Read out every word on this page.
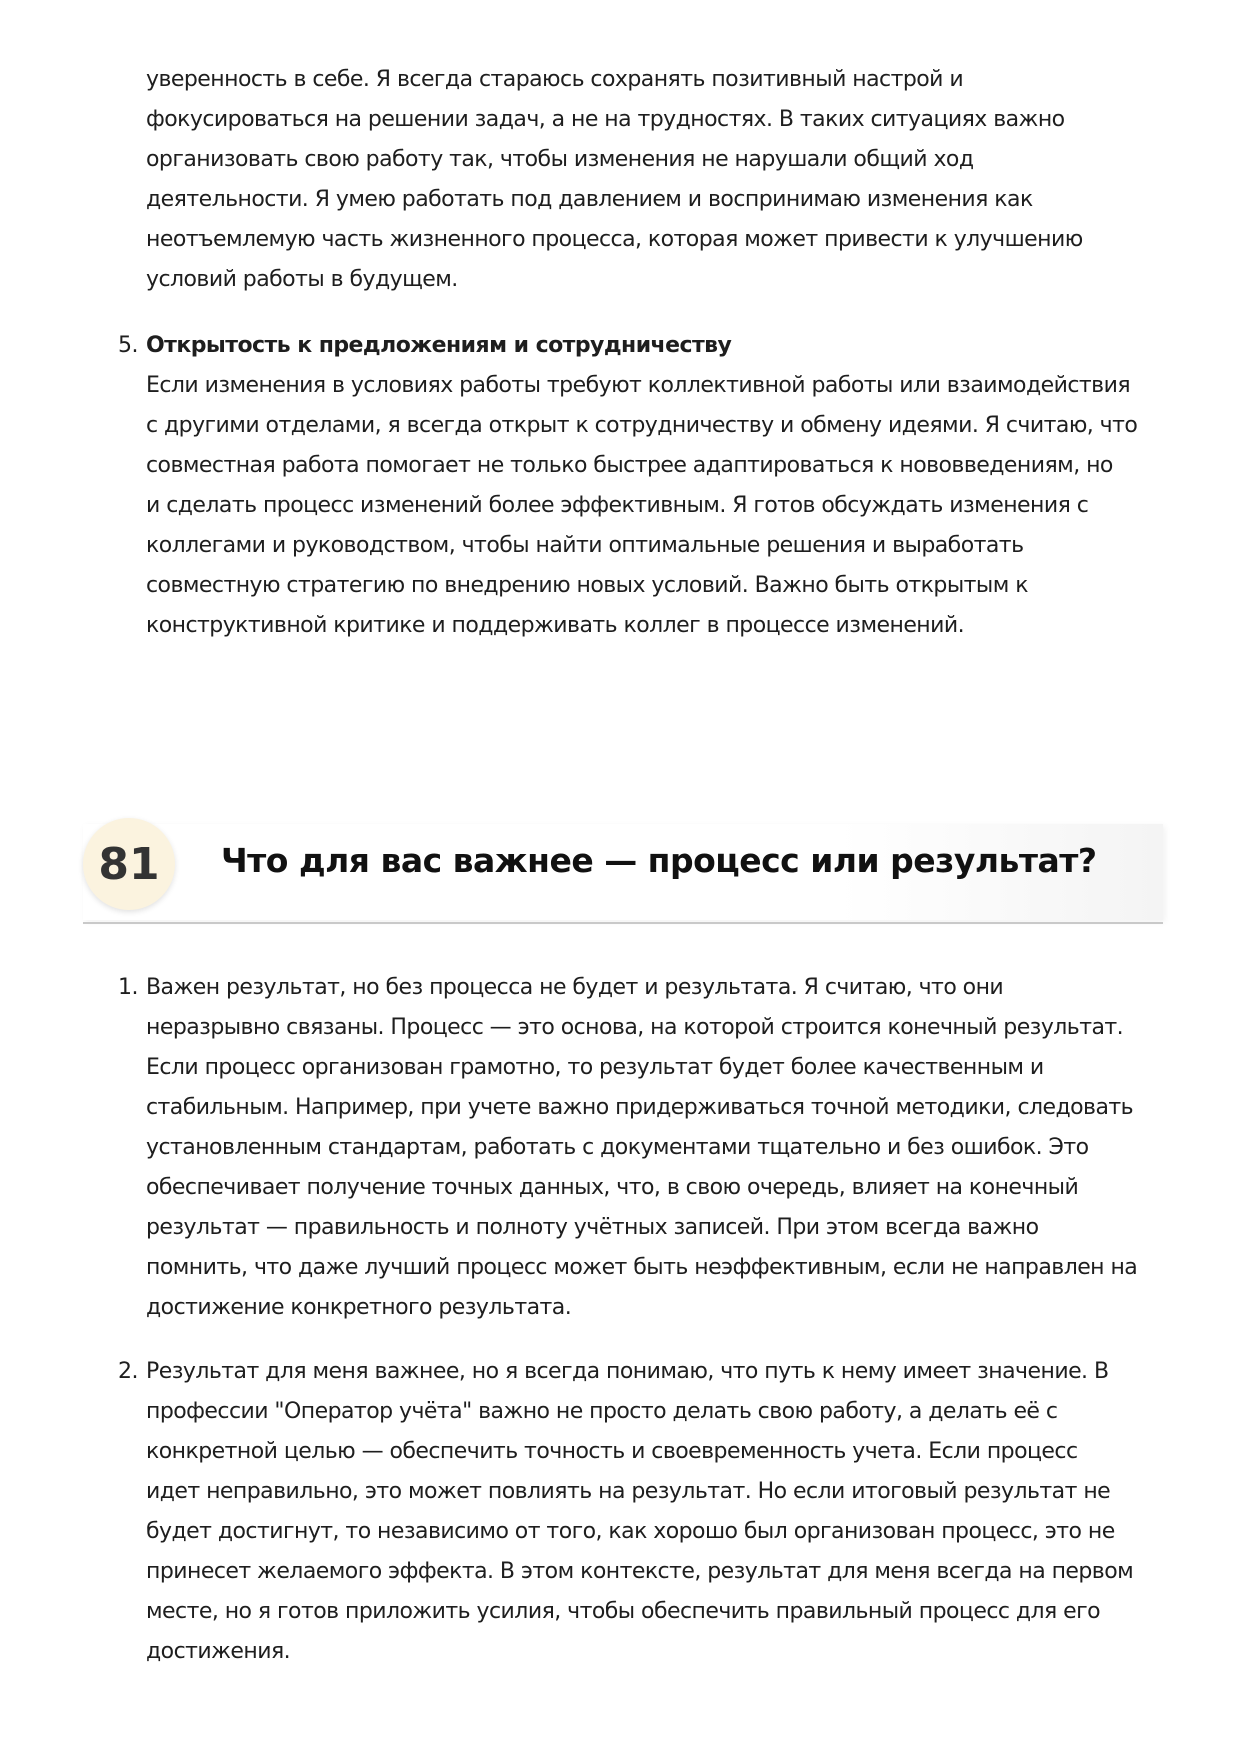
уверенность в себе. Я всегда стараюсь сохранять позитивный настрой и
фокусироваться на решении задач, а не на трудностях. В таких ситуациях важно
организовать свою работу так, чтобы изменения не нарушали общий ход
деятельности. Я умею работать под давлением и воспринимаю изменения как
неотъемлемую часть жизненного процесса, которая может привести к улучшению
условий работы в будущем.
5. Открытость к предложениям и сотрудничеству
Если изменения в условиях работы требуют коллективной работы или взаимодействия
с другими отделами, я всегда открыт к сотрудничеству и обмену идеями. Я считаю, что
совместная работа помогает не только быстрее адаптироваться к нововведениям, но
и сделать процесс изменений более эффективным. Я готов обсуждать изменения с
коллегами и руководством, чтобы найти оптимальные решения и выработать
совместную стратегию по внедрению новых условий. Важно быть открытым к
конструктивной критике и поддерживать коллег в процессе изменений.
81	Что для вас важнее — процесс или результат?
1. Важен результат, но без процесса не будет и результата. Я считаю, что они
неразрывно связаны. Процесс — это основа, на которой строится конечный результат.
Если процесс организован грамотно, то результат будет более качественным и
стабильным. Например, при учете важно придерживаться точной методики, следовать
установленным стандартам, работать с документами тщательно и без ошибок. Это
обеспечивает получение точных данных, что, в свою очередь, влияет на конечный
результат — правильность и полноту учётных записей. При этом всегда важно
помнить, что даже лучший процесс может быть неэффективным, если не направлен на
достижение конкретного результата.
2. Результат для меня важнее, но я всегда понимаю, что путь к нему имеет значение. В
профессии "Оператор учёта" важно не просто делать свою работу, а делать её с
конкретной целью — обеспечить точность и своевременность учета. Если процесс
идет неправильно, это может повлиять на результат. Но если итоговый результат не
будет достигнут, то независимо от того, как хорошо был организован процесс, это не
принесет желаемого эффекта. В этом контексте, результат для меня всегда на первом
месте, но я готов приложить усилия, чтобы обеспечить правильный процесс для его
достижения.
